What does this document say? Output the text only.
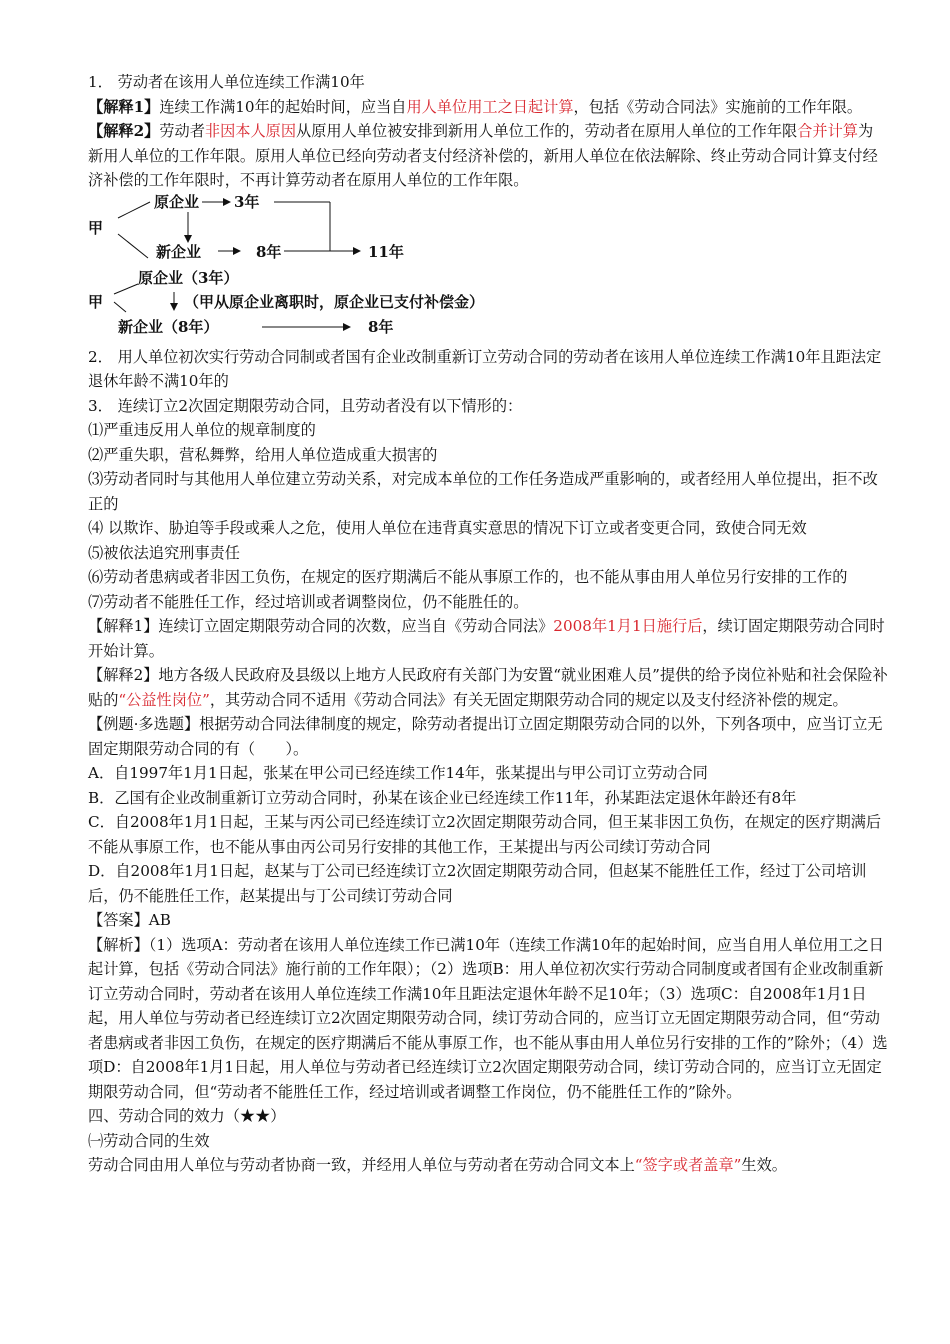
1． 劳动者在该用人单位连续工作满10年

【解释1】连续工作满10年的起始时间，应当自用人单位用工之日起计算，包括《劳动合同法》实施前的工作年限。

【解释2】劳动者非因本人原因从原用人单位被安排到新用人单位工作的，劳动者在原用人单位的工作年限合并计算为新用人单位的工作年限。原用人单位已经向劳动者支付经济补偿的，新用人单位在依法解除、终止劳动合同计算支付经济补偿的工作年限时，不再计算劳动者在原用人单位的工作年限。

原企业 3年
甲
新企业	8年	11年
原企业（3年）
甲	（甲从原企业离职时，原企业已支付补偿金）
新企业（8年）	8年

2． 用人单位初次实行劳动合同制或者国有企业改制重新订立劳动合同的劳动者在该用人单位连续工作满10年且距法定退休年龄不满10年的

3． 连续订立2次固定期限劳动合同，且劳动者没有以下情形的：

⑴严重违反用人单位的规章制度的

⑵严重失职，营私舞弊，给用人单位造成重大损害的

⑶劳动者同时与其他用人单位建立劳动关系，对完成本单位的工作任务造成严重影响的，或者经用人单位提出，拒不改正的

⑷ 以欺诈、胁迫等手段或乘人之危，使用人单位在违背真实意思的情况下订立或者变更合同，致使合同无效

⑸被依法追究刑事责任

⑹劳动者患病或者非因工负伤，在规定的医疗期满后不能从事原工作的，也不能从事由用人单位另行安排的工作的

⑺劳动者不能胜任工作，经过培训或者调整岗位，仍不能胜任的。

【解释1】连续订立固定期限劳动合同的次数，应当自《劳动合同法》2008年1月1日施行后，续订固定期限劳动合同时开始计算。

【解释2】地方各级人民政府及县级以上地方人民政府有关部门为安置“就业困难人员”提供的给予岗位补贴和社会保险补贴的“公益性岗位”，其劳动合同不适用《劳动合同法》有关无固定期限劳动合同的规定以及支付经济补偿的规定。

【例题·多选题】根据劳动合同法律制度的规定，除劳动者提出订立固定期限劳动合同的以外，下列各项中，应当订立无固定期限劳动合同的有（　　）。

A．自1997年1月1日起，张某在甲公司已经连续工作14年，张某提出与甲公司订立劳动合同

B．乙国有企业改制重新订立劳动合同时，孙某在该企业已经连续工作11年，孙某距法定退休年龄还有8年

C．自2008年1月1日起，王某与丙公司已经连续订立2次固定期限劳动合同，但王某非因工负伤，在规定的医疗期满后不能从事原工作，也不能从事由丙公司另行安排的其他工作，王某提出与丙公司续订劳动合同

D．自2008年1月1日起，赵某与丁公司已经连续订立2次固定期限劳动合同，但赵某不能胜任工作，经过丁公司培训后，仍不能胜任工作，赵某提出与丁公司续订劳动合同

【答案】AB

【解析】（1）选项A：劳动者在该用人单位连续工作已满10年（连续工作满10年的起始时间，应当自用人单位用工之日起计算，包括《劳动合同法》施行前的工作年限）；（2）选项B：用人单位初次实行劳动合同制度或者国有企业改制重新订立劳动合同时，劳动者在该用人单位连续工作满10年且距法定退休年龄不足10年；（3）选项C：自2008年1月1日起，用人单位与劳动者已经连续订立2次固定期限劳动合同，续订劳动合同的，应当订立无固定期限劳动合同，但“劳动者患病或者非因工负伤，在规定的医疗期满后不能从事原工作，也不能从事由用人单位另行安排的工作的”除外；（4）选项D：自2008年1月1日起，用人单位与劳动者已经连续订立2次固定期限劳动合同，续订劳动合同的，应当订立无固定期限劳动合同，但“劳动者不能胜任工作，经过培训或者调整工作岗位，仍不能胜任工作的”除外。

四、劳动合同的效力（★★）

㈠劳动合同的生效

劳动合同由用人单位与劳动者协商一致，并经用人单位与劳动者在劳动合同文本上“签字或者盖章”生效。
